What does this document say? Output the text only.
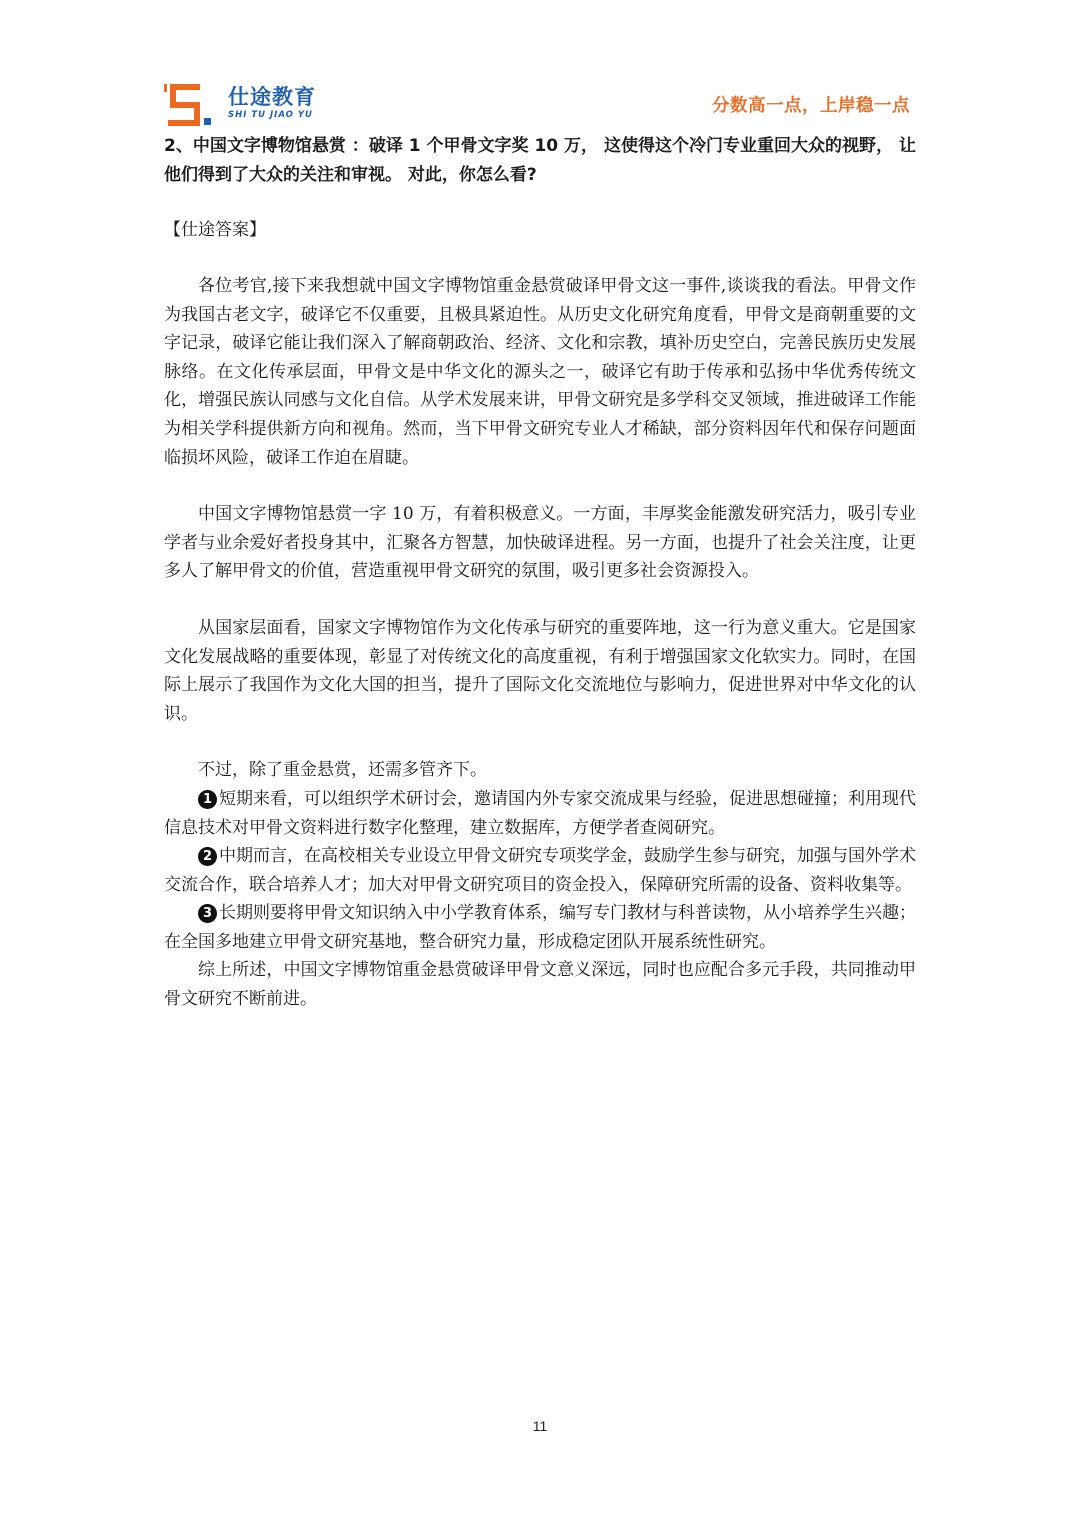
仕途教育
SHI TU JIAO YU	分数高一点，上岸稳一点

2、中国文字博物馆悬赏 ：破译 1 个甲骨文字奖 10 万， 这使得这个冷门专业重回大众的视野， 让他们得到了大众的关注和审视。 对此，你怎么看?

【仕途答案】

各位考官,接下来我想就中国文字博物馆重金悬赏破译甲骨文这一事件,谈谈我的看法。甲骨文作为我国古老文字，破译它不仅重要，且极具紧迫性。从历史文化研究角度看，甲骨文是商朝重要的文字记录，破译它能让我们深入了解商朝政治、经济、文化和宗教，填补历史空白，完善民族历史发展脉络。在文化传承层面，甲骨文是中华文化的源头之一，破译它有助于传承和弘扬中华优秀传统文化，增强民族认同感与文化自信。从学术发展来讲，甲骨文研究是多学科交叉领域，推进破译工作能为相关学科提供新方向和视角。然而，当下甲骨文研究专业人才稀缺，部分资料因年代和保存问题面临损坏风险，破译工作迫在眉睫。

中国文字博物馆悬赏一字 10 万，有着积极意义。一方面，丰厚奖金能激发研究活力，吸引专业学者与业余爱好者投身其中，汇聚各方智慧，加快破译进程。另一方面，也提升了社会关注度，让更多人了解甲骨文的价值，营造重视甲骨文研究的氛围，吸引更多社会资源投入。

从国家层面看，国家文字博物馆作为文化传承与研究的重要阵地，这一行为意义重大。它是国家文化发展战略的重要体现，彰显了对传统文化的高度重视，有利于增强国家文化软实力。同时，在国际上展示了我国作为文化大国的担当，提升了国际文化交流地位与影响力，促进世界对中华文化的认识。

不过，除了重金悬赏，还需多管齐下。

1 短期来看，可以组织学术研讨会，邀请国内外专家交流成果与经验，促进思想碰撞；利用现代信息技术对甲骨文资料进行数字化整理，建立数据库，方便学者查阅研究。

2 中期而言，在高校相关专业设立甲骨文研究专项奖学金，鼓励学生参与研究，加强与国外学术交流合作，联合培养人才；加大对甲骨文研究项目的资金投入，保障研究所需的设备、资料收集等。

3 长期则要将甲骨文知识纳入中小学教育体系，编写专门教材与科普读物，从小培养学生兴趣；在全国多地建立甲骨文研究基地，整合研究力量，形成稳定团队开展系统性研究。

综上所述，中国文字博物馆重金悬赏破译甲骨文意义深远，同时也应配合多元手段，共同推动甲骨文研究不断前进。

11
